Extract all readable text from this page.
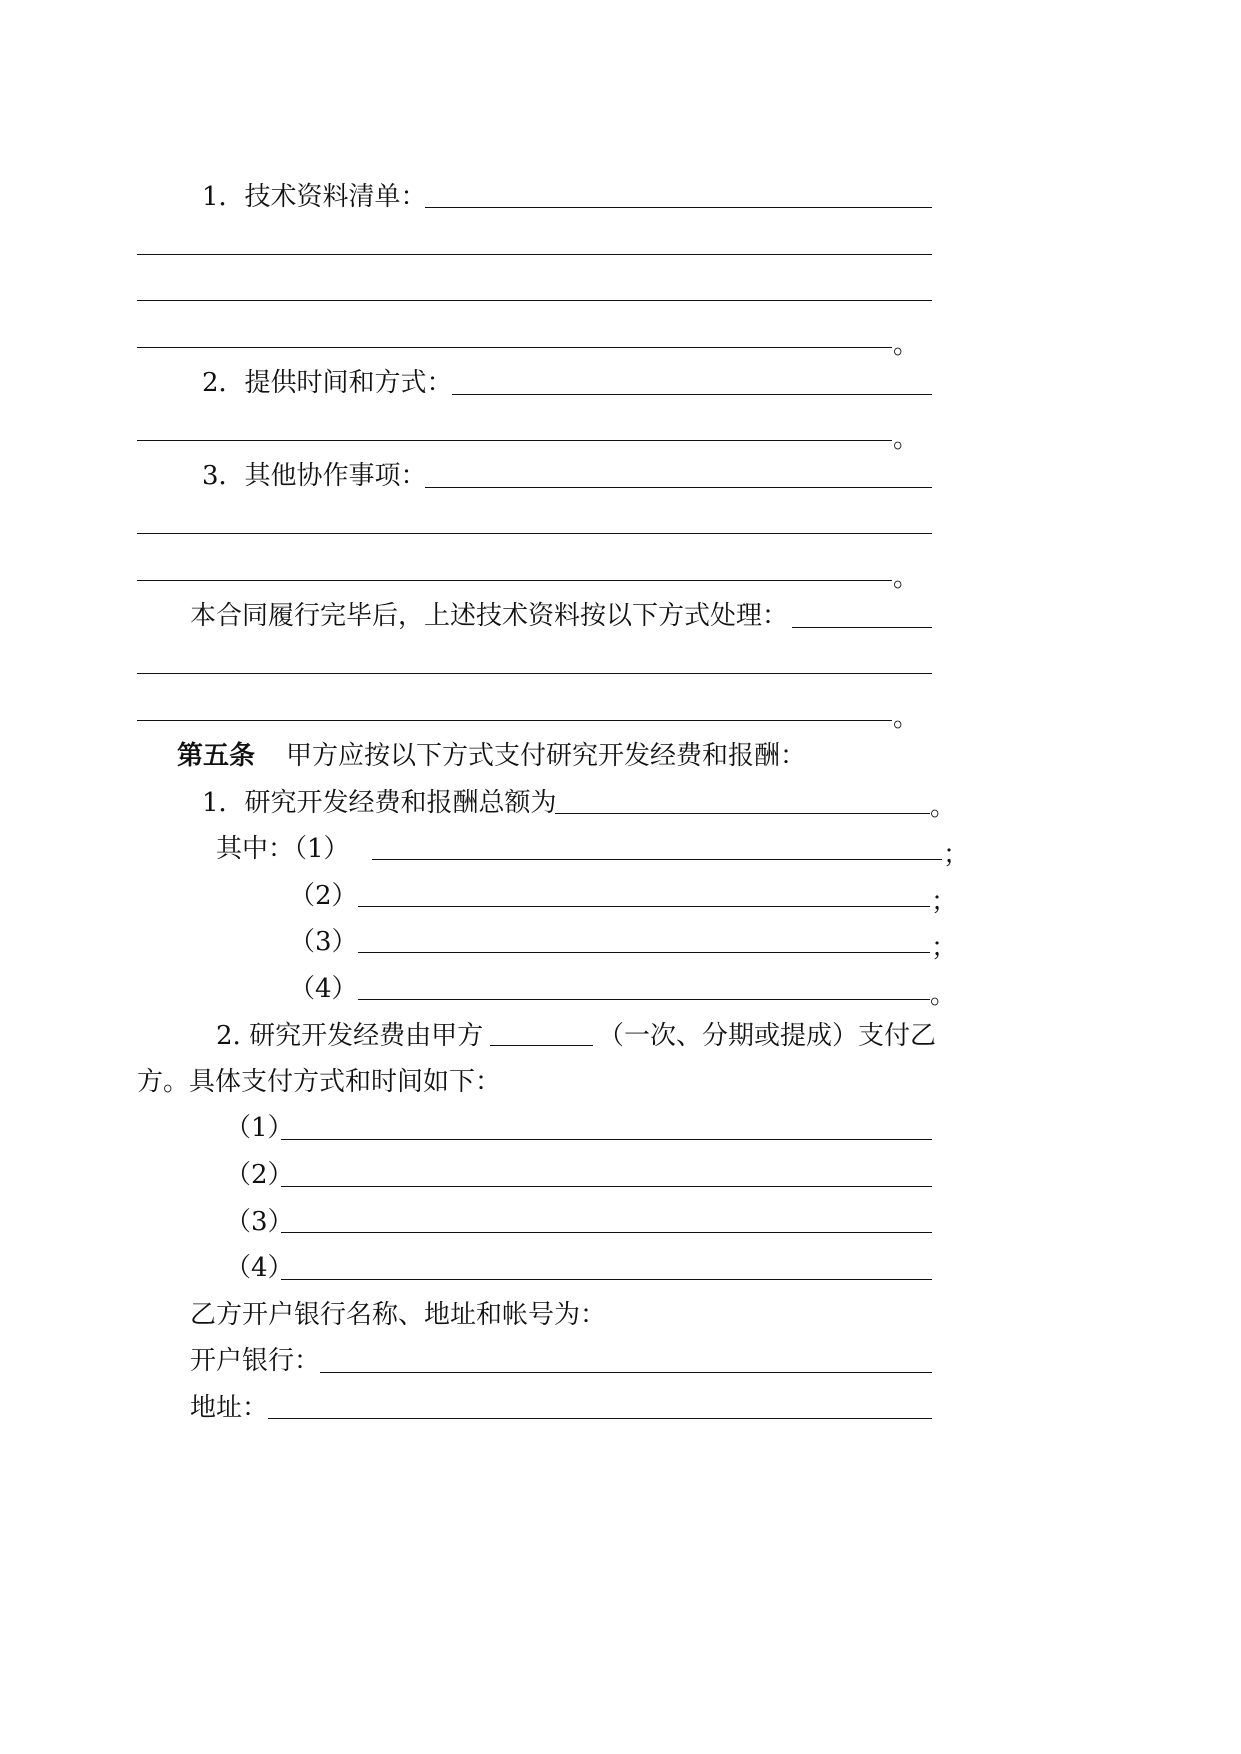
1．技术资料清单：
。
2．提供时间和方式：
。
3．其他协作事项：
。
本合同履行完毕后，上述技术资料按以下方式处理：
。
第五条 甲方应按以下方式支付研究开发经费和报酬：
1．研究开发经费和报酬总额为	。
其中：（1）	；
（2）	；
（3）	；
（4）	。
2. 研究开发经费由甲方	（一次、分期或提成）支付乙
方。具体支付方式和时间如下：
（1）
（2）
（3）
（4）
乙方开户银行名称、地址和帐号为：
开户银行：
地址：
